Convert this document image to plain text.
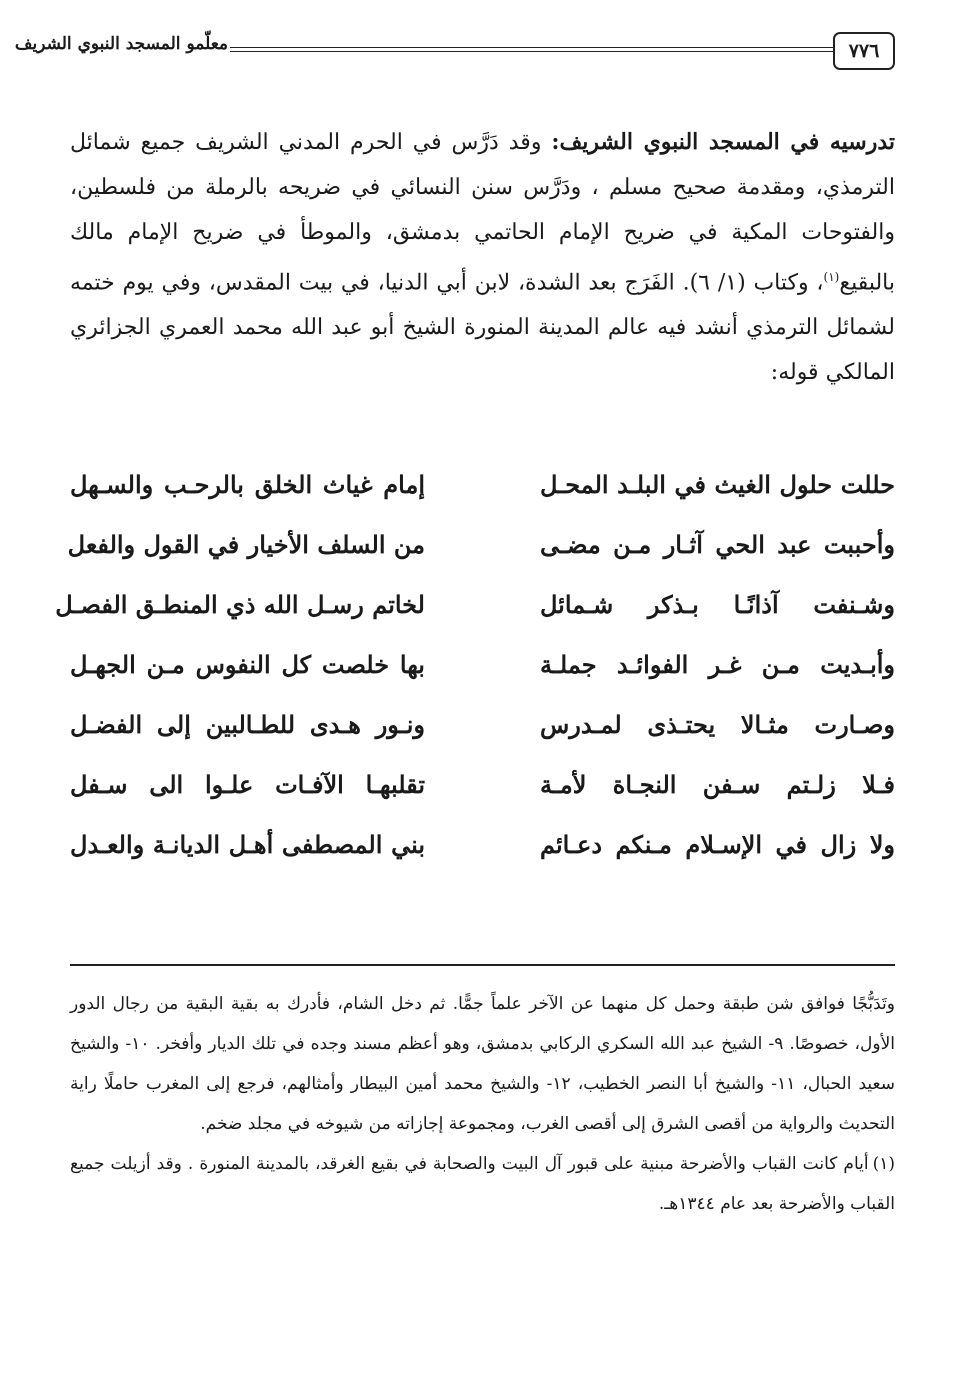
٧٧٦
معلّمو المسجد النبوي الشريف
تدرسيه في المسجد النبوي الشريف: وقد دَرَّس في الحرم المدني الشريف جميع شمائل الترمذي، ومقدمة صحيح مسلم ، ودَرَّس سنن النسائي في ضريحه بالرملة من فلسطين، والفتوحات المكية في ضريح الإمام الحاتمي بدمشق، والموطأ في ضريح الإمام مالك بالبقيع$^{(١)}$، وكتاب (١/ ٦). الفَرَج بعد الشدة، لابن أبي الدنيا، في بيت المقدس، وفي يوم ختمه لشمائل الترمذي أنشد فيه عالم المدينة المنورة الشيخ أبو عبد الله محمد العمري الجزائري المالكي قوله:
حللت حلول الغيث في البلـد المحـل
إمام غياث الخلق بالرحـب والسـهل
وأحببت عبد الحي آثـار مـن مضـى
من السلف الأخيار في القول والفعل
وشـنفت آذانًـا بـذكر شـمائل
لخاتم رسـل الله ذي المنطـق الفصـل
وأبـديت مـن غـر الفوائـد جملـة
بها خلصت كل النفوس مـن الجهـل
وصـارت مثـالا يحتـذى لمـدرس
ونـور هـدى للطـالبين إلى الفضـل
فـلا زلـتم سـفن النجـاة لأمـة
تقلبهـا الآفـات علـوا الى سـفل
ولا زال في الإسـلام مـنكم دعـائم
بني المصطفى أهـل الديانـة والعـدل
وتَدَبُّجًا فوافق شن طبقة وحمل كل منهما عن الآخر علماً جمًّا. ثم دخل الشام، فأدرك به بقية البقية من رجال الدور الأول، خصوصًا. ٩- الشيخ عبد الله السكري الركابي بدمشق، وهو أعظم مسند وجده في تلك الديار وأفخر. ١٠- والشيخ سعيد الحبال، ١١- والشيخ أبا النصر الخطيب، ١٢- والشيخ محمد أمين البيطار وأمثالهم، فرجع إلى المغرب حاملًا راية التحديث والرواية من أقصى الشرق إلى أقصى الغرب، ومجموعة إجازاته من شيوخه في مجلد ضخم.
(١)أيام كانت القباب والأضرحة مبنية على قبور آل البيت والصحابة في بقيع الغرقد، بالمدينة المنورة . وقد أزيلت جميع القباب والأضرحة بعد عام ١٣٤٤هـ.
